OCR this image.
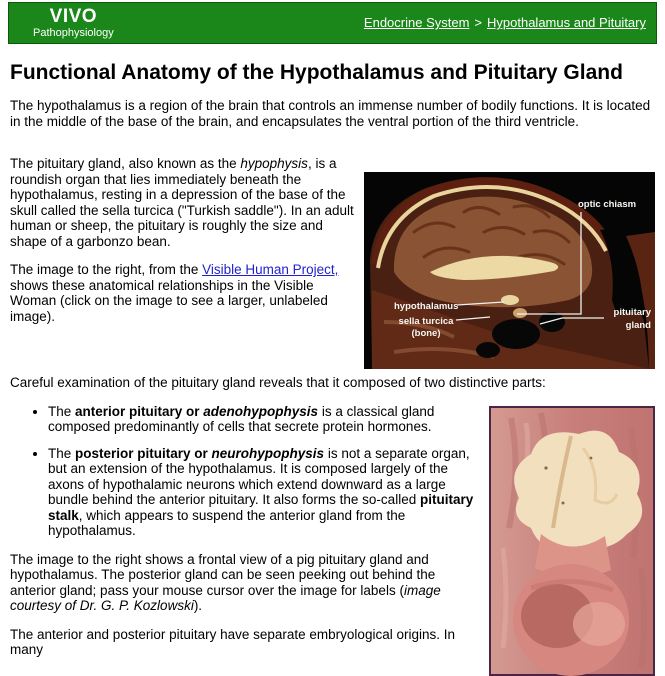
VIVO
Pathophysiology
Endocrine System > Hypothalamus and Pituitary
Functional Anatomy of the Hypothalamus and Pituitary Gland

The hypothalamus is a region of the brain that controls an immense number of bodily functions. It is located in the middle of the base of the brain, and encapsulates the ventral portion of the third ventricle.

optic chiasm
hypothalamus
sella turcica
(bone)
pituitary
gland

The pituitary gland, also known as the hypophysis, is a roundish organ that lies immediately beneath the hypothalamus, resting in a depression of the base of the skull called the sella turcica ("Turkish saddle"). In an adult human or sheep, the pituitary is roughly the size and shape of a garbonzo bean.

The image to the right, from the Visible Human Project, shows these anatomical relationships in the Visible Woman (click on the image to see a larger, unlabeled image).

Careful examination of the pituitary gland reveals that it composed of two distinctive parts:

• The anterior pituitary or adenohypophysis is a classical gland composed predominantly of cells that secrete protein hormones.
• The posterior pituitary or neurohypophysis is not a separate organ, but an extension of the hypothalamus. It is composed largely of the axons of hypothalamic neurons which extend downward as a large bundle behind the anterior pituitary. It also forms the so-called pituitary stalk, which appears to suspend the anterior gland from the hypothalamus.

The image to the right shows a frontal view of a pig pituitary gland and hypothalamus. The posterior gland can be seen peeking out behind the anterior gland; pass your mouse cursor over the image for labels (image courtesy of Dr. G. P. Kozlowski).

The anterior and posterior pituitary have separate embryological origins. In many
